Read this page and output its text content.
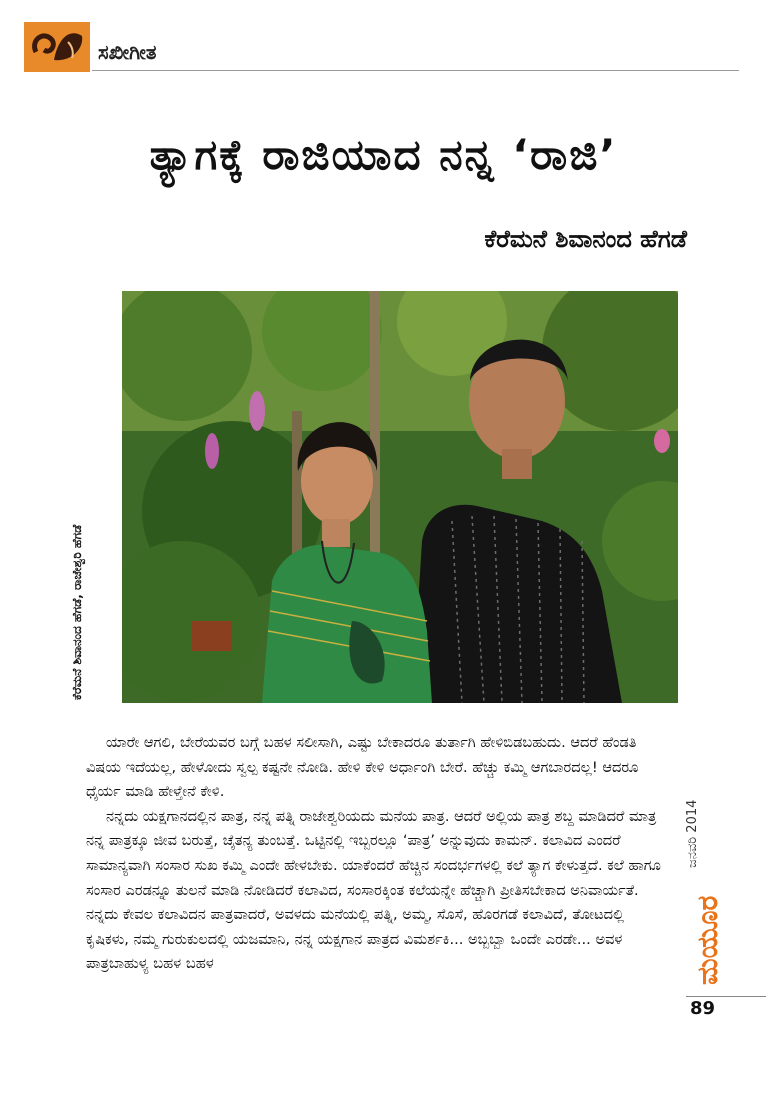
ಸಖೀಗೀತ
ತ್ಯಾಗಕ್ಕೆ ರಾಜಿಯಾದ ನನ್ನ ‘ರಾಜಿ’
ಕೆರೆಮನೆ ಶಿವಾನಂದ ಹೆಗಡೆ
ಕೆರೆಮನೆ ಶಿವಾನಂದ ಹೆಗಡೆ, ರಾಜೇಶ್ವರಿ ಹೆಗಡೆ

ಯಾರೇ ಆಗಲಿ, ಬೇರೆಯವರ ಬಗ್ಗೆ ಬಹಳ ಸಲೀಸಾಗಿ, ಎಷ್ಟು ಬೇಕಾದರೂ ತುರ್ತಾಗಿ ಹೇಳಿಬಿಡಬಹುದು. ಆದರೆ ಹೆಂಡತಿ ವಿಷಯ ಇದೆಯಲ್ಲ, ಹೇಳೋದು ಸ್ವಲ್ಪ ಕಷ್ಟನೇ ನೋಡಿ. ಹೇಳಿ ಕೇಳಿ ಅರ್ಧಾಂಗಿ ಬೇರೆ. ಹೆಚ್ಚು ಕಮ್ಮಿ ಆಗಬಾರದಲ್ಲ! ಆದರೂ ಧೈರ್ಯ ಮಾಡಿ ಹೇಳ್ತೇನೆ ಕೇಳಿ.

ನನ್ನದು ಯಕ್ಷಗಾನದಲ್ಲಿನ ಪಾತ್ರ, ನನ್ನ ಪತ್ನಿ ರಾಜೇಶ್ವರಿಯದು ಮನೆಯ ಪಾತ್ರ. ಆದರೆ ಅಲ್ಲಿಯ ಪಾತ್ರ ಶಬ್ದ ಮಾಡಿದರೆ ಮಾತ್ರ ನನ್ನ ಪಾತ್ರಕ್ಕೂ ಜೀವ ಬರುತ್ತೆ, ಚೈತನ್ಯ ತುಂಬತ್ತೆ. ಒಟ್ಟಿನಲ್ಲಿ ಇಬ್ಬರಲ್ಲೂ ‘ಪಾತ್ರ’ ಅನ್ನುವುದು ಕಾಮನ್. ಕಲಾವಿದ ಎಂದರೆ ಸಾಮಾನ್ಯವಾಗಿ ಸಂಸಾರ ಸುಖ ಕಮ್ಮಿ ಎಂದೇ ಹೇಳಬೇಕು. ಯಾಕೆಂದರೆ ಹೆಚ್ಚಿನ ಸಂದರ್ಭಗಳಲ್ಲಿ ಕಲೆ ತ್ಯಾಗ ಕೇಳುತ್ತದೆ. ಕಲೆ ಹಾಗೂ ಸಂಸಾರ ಎರಡನ್ನೂ ತುಲನೆ ಮಾಡಿ ನೋಡಿದರೆ ಕಲಾವಿದ, ಸಂಸಾರಕ್ಕಿಂತ ಕಲೆಯನ್ನೇ ಹೆಚ್ಚಾಗಿ ಪ್ರೀತಿಸಬೇಕಾದ ಅನಿವಾರ್ಯತೆ. ನನ್ನದು ಕೇವಲ ಕಲಾವಿದನ ಪಾತ್ರವಾದರೆ, ಅವಳದು ಮನೆಯಲ್ಲಿ ಪತ್ನಿ, ಅಮ್ಮ, ಸೊಸೆ, ಹೊರಗಡೆ ಕಲಾವಿದೆ, ತೋಟದಲ್ಲಿ ಕೃಷಿಕಳು, ನಮ್ಮ ಗುರುಕುಲದಲ್ಲಿ ಯಜಮಾನಿ, ನನ್ನ ಯಕ್ಷಗಾನ ಪಾತ್ರದ ವಿಮರ್ಶಕಿ... ಅಬ್ಬಬ್ಬಾ ಒಂದೇ ಎರಡೇ... ಅವಳ ಪಾತ್ರಬಾಹುಳ್ಯ ಬಹಳ ಬಹಳ

ಜನವರಿ 2014
ಮಯೂರ
89
